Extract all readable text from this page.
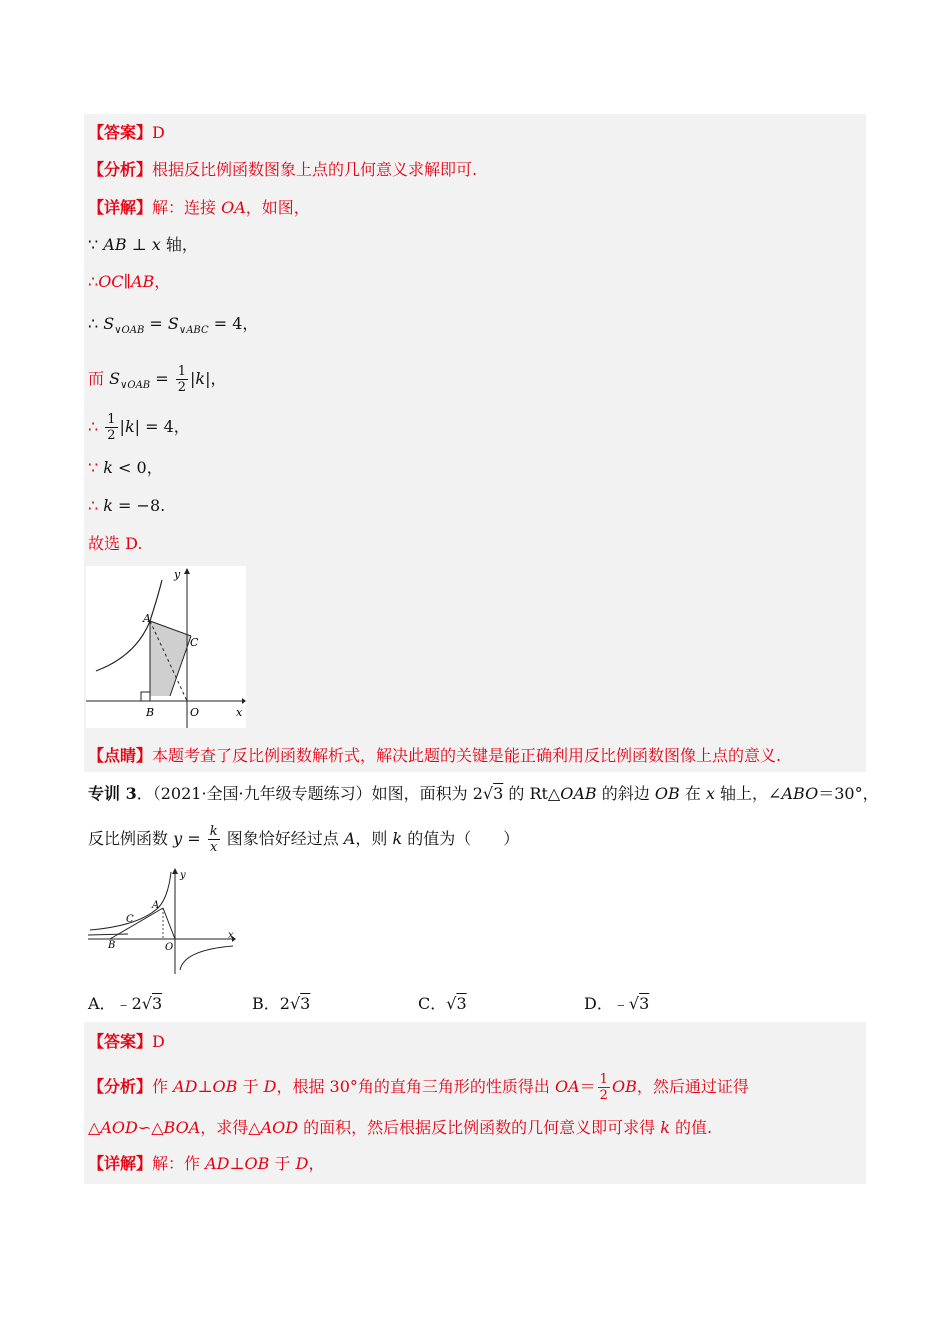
【答案】D
【分析】根据反比例函数图象上点的几何意义求解即可.
【详解】解：连接 OA，如图，
∵ AB ⊥ x 轴，
∴OC∥AB，
∴ $S_{\vee OAB} = S_{\vee ABC} = 4$，
而 $S_{\vee OAB} = \frac{1}{2} |k|$，
∴ $\frac{1}{2} |k| = 4$，
∵ k < 0，
∴ k = −8.
故选 D.
y
x
A
B
C
O
【点睛】本题考查了反比例函数解析式，解决此题的关键是能正确利用反比例函数图像上点的意义.
专训 3．（2021·全国·九年级专题练习）如图，面积为 2√3 的 Rt△OAB 的斜边 OB 在 x 轴上，∠ABO＝30°，
反比例函数 $y = \frac{k}{x}$ 图象恰好经过点 A，则 k 的值为（　　）
y
x
A
B
C
O
A．﹣2√3	B．2√3	C．√3	D．﹣√3
【答案】D
【分析】作 AD⊥OB 于 D，根据 30°角的直角三角形的性质得出 $OA= \frac{1}{2}$ OB，然后通过证得
△AOD∽△BOA，求得△AOD 的面积，然后根据反比例函数的几何意义即可求得 k 的值.
【详解】解：作 AD⊥OB 于 D，
